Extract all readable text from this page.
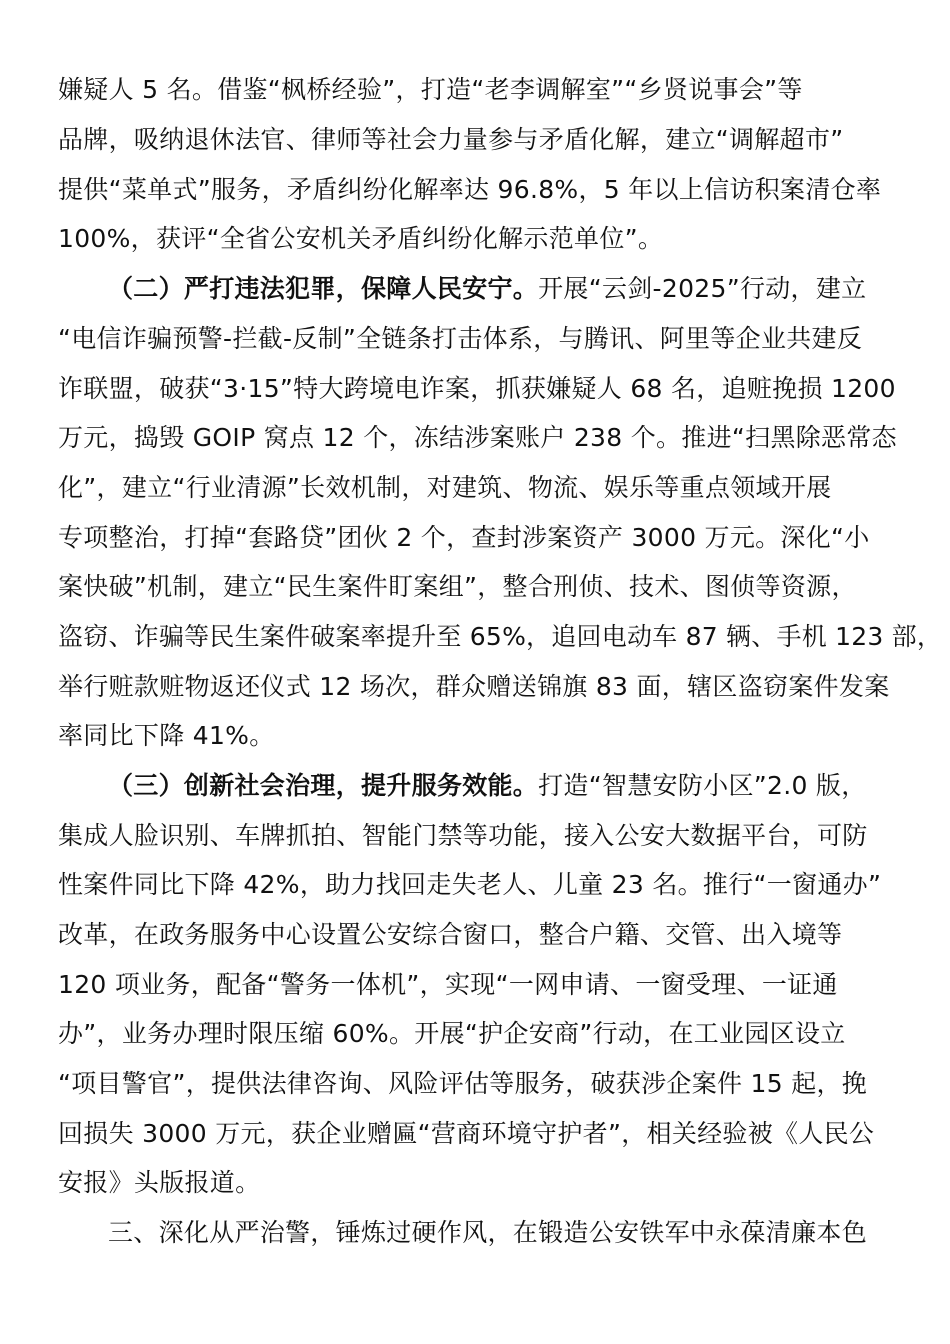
嫌疑人 5 名。借鉴“枫桥经验”，打造“老李调解室”“乡贤说事会”等
品牌，吸纳退休法官、律师等社会力量参与矛盾化解，建立“调解超市”
提供“菜单式”服务，矛盾纠纷化解率达 96.8%，5 年以上信访积案清仓率
100%，获评“全省公安机关矛盾纠纷化解示范单位”。
（二）严打违法犯罪，保障人民安宁。开展“云剑-2025”行动，建立
“电信诈骗预警-拦截-反制”全链条打击体系，与腾讯、阿里等企业共建反
诈联盟，破获“3·15”特大跨境电诈案，抓获嫌疑人 68 名，追赃挽损 1200
万元，捣毁 GOIP 窝点 12 个，冻结涉案账户 238 个。推进“扫黑除恶常态
化”，建立“行业清源”长效机制，对建筑、物流、娱乐等重点领域开展
专项整治，打掉“套路贷”团伙 2 个，查封涉案资产 3000 万元。深化“小
案快破”机制，建立“民生案件盯案组”，整合刑侦、技术、图侦等资源，
盗窃、诈骗等民生案件破案率提升至 65%，追回电动车 87 辆、手机 123 部，
举行赃款赃物返还仪式 12 场次，群众赠送锦旗 83 面，辖区盗窃案件发案
率同比下降 41%。
（三）创新社会治理，提升服务效能。打造“智慧安防小区”2.0 版，
集成人脸识别、车牌抓拍、智能门禁等功能，接入公安大数据平台，可防
性案件同比下降 42%，助力找回走失老人、儿童 23 名。推行“一窗通办”
改革，在政务服务中心设置公安综合窗口，整合户籍、交管、出入境等
120 项业务，配备“警务一体机”，实现“一网申请、一窗受理、一证通
办”，业务办理时限压缩 60%。开展“护企安商”行动，在工业园区设立
“项目警官”，提供法律咨询、风险评估等服务，破获涉企案件 15 起，挽
回损失 3000 万元，获企业赠匾“营商环境守护者”，相关经验被《人民公
安报》头版报道。
三、深化从严治警，锤炼过硬作风，在锻造公安铁军中永葆清廉本色
